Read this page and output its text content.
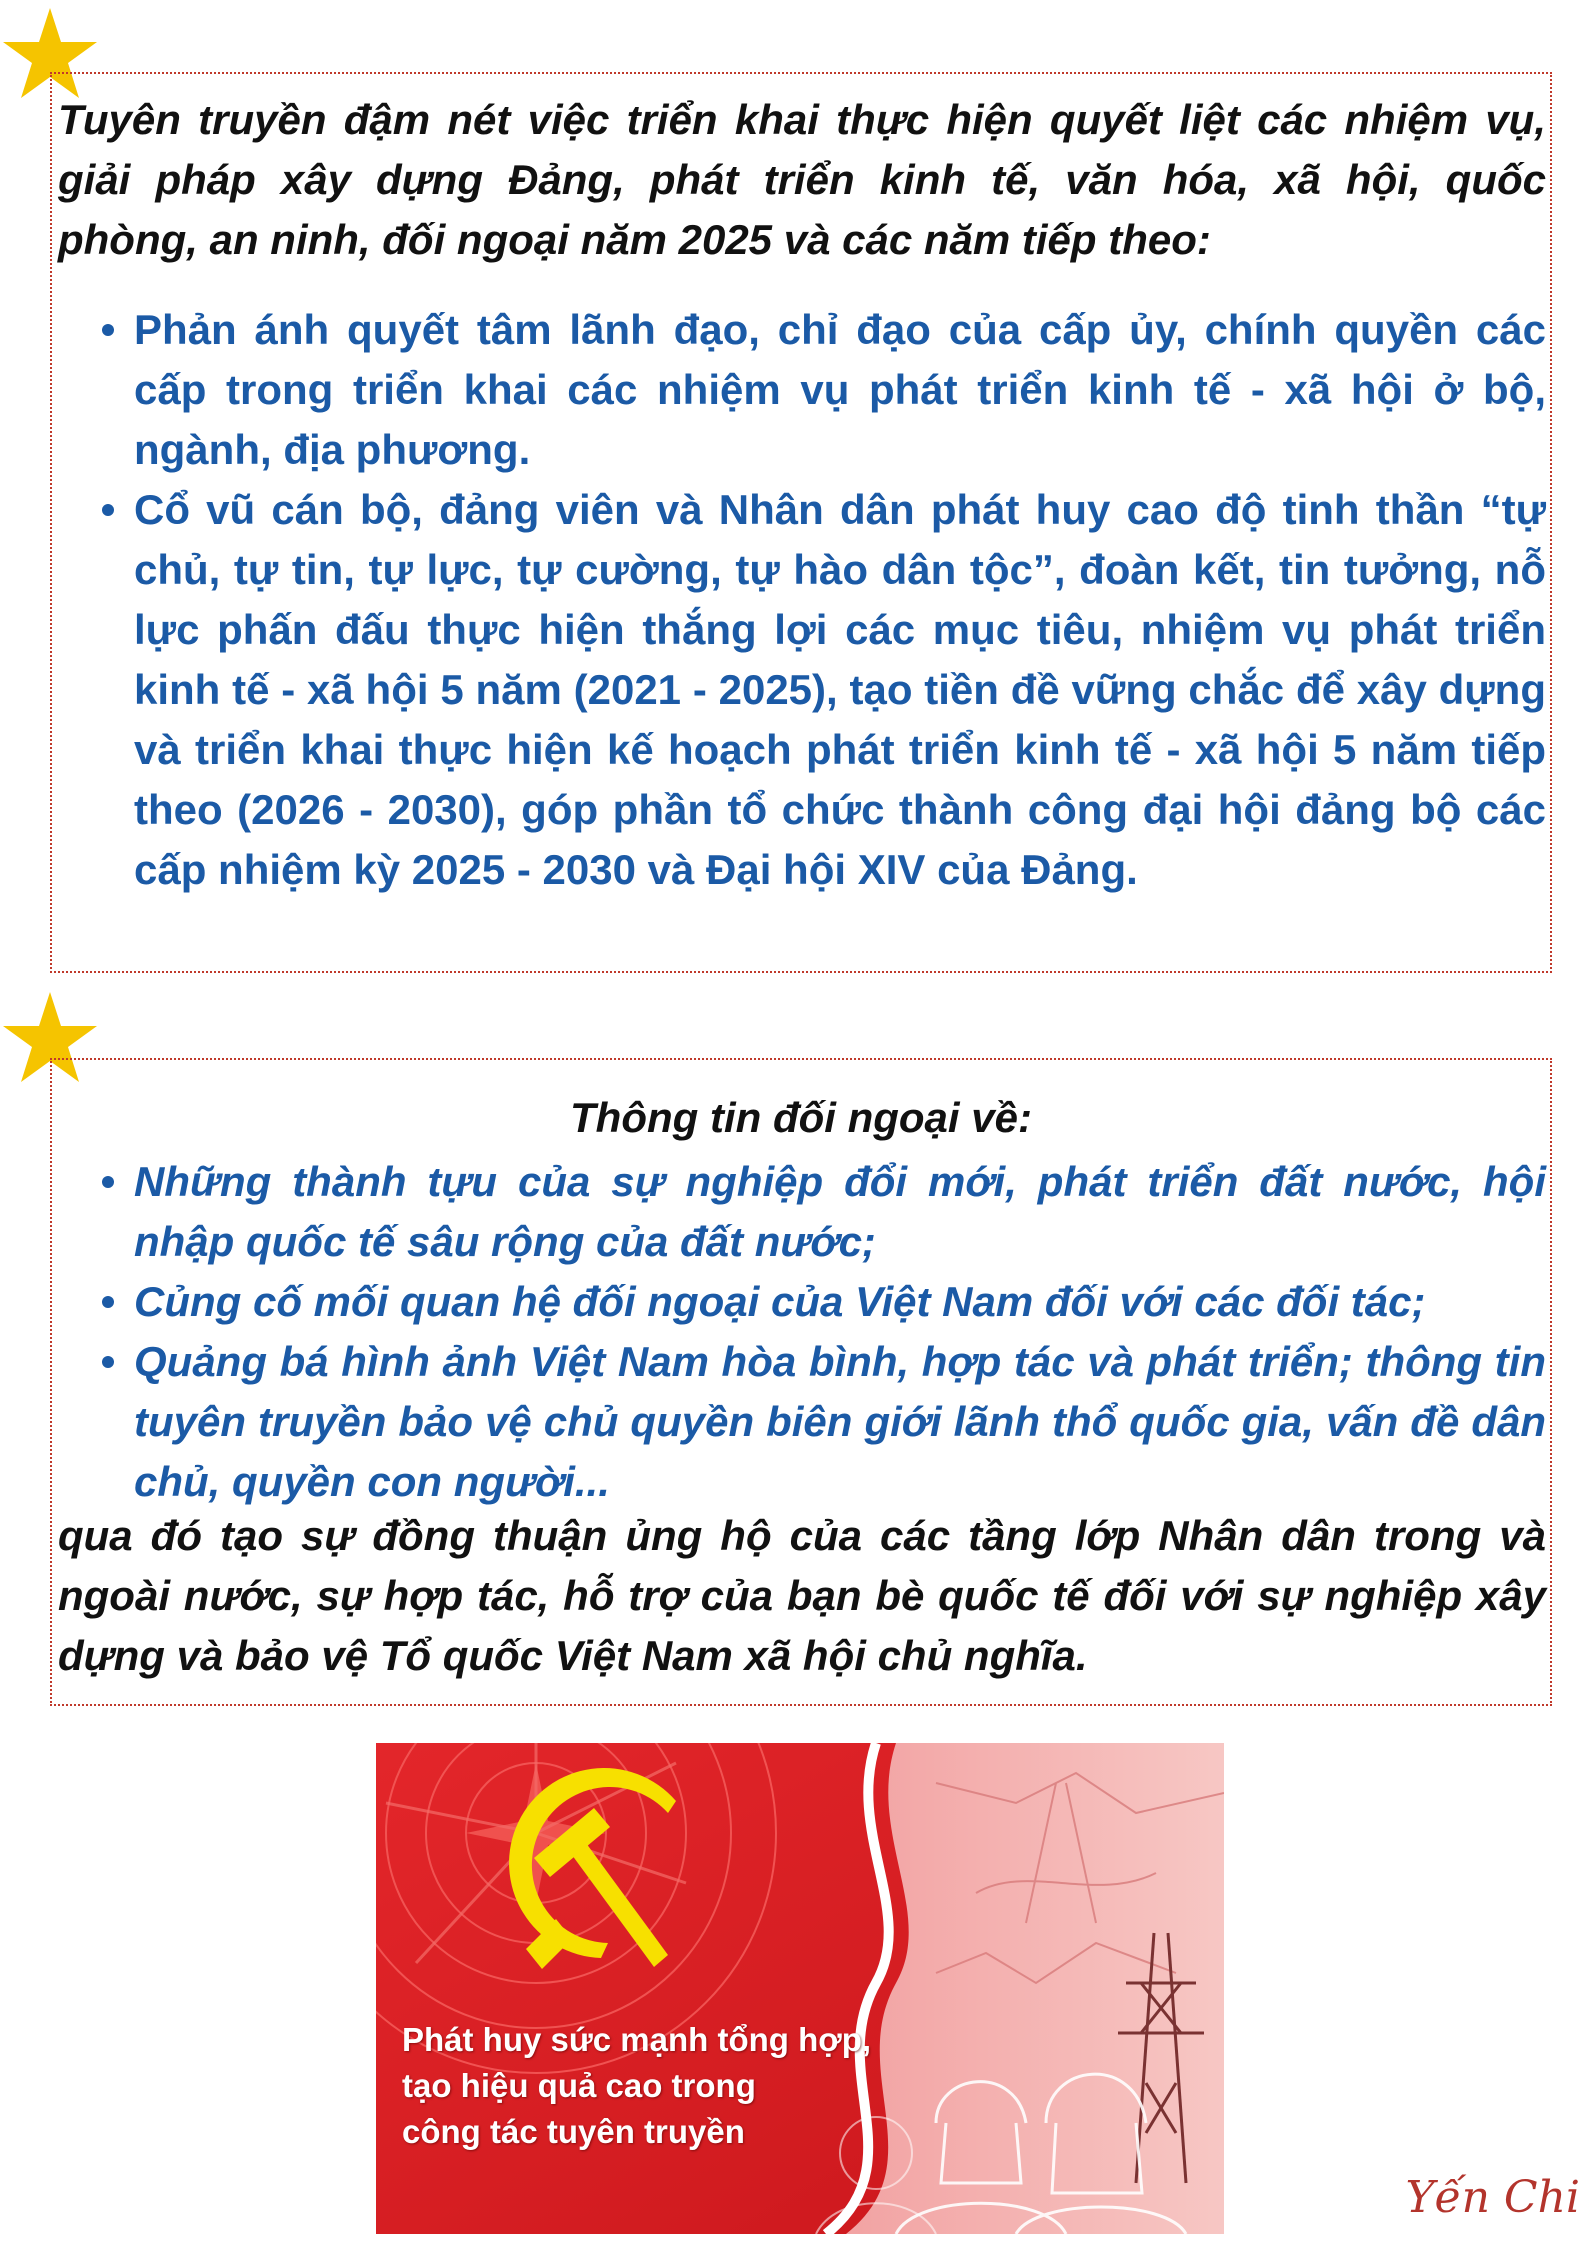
Tuyên truyền đậm nét việc triển khai thực hiện quyết liệt các nhiệm vụ,
giải pháp xây dựng Đảng, phát triển kinh tế, văn hóa, xã hội, quốc
phòng, an ninh, đối ngoại năm 2025 và các năm tiếp theo:
Phản ánh quyết tâm lãnh đạo, chỉ đạo của cấp ủy, chính quyền các cấp trong triển khai các nhiệm vụ phát triển kinh tế - xã hội ở bộ, ngành, địa phương.
Cổ vũ cán bộ, đảng viên và Nhân dân phát huy cao độ tinh thần “tự chủ, tự tin, tự lực, tự cường, tự hào dân tộc”, đoàn kết, tin tưởng, nỗ lực phấn đấu thực hiện thắng lợi các mục tiêu, nhiệm vụ phát triển kinh tế - xã hội 5 năm (2021 - 2025), tạo tiền đề vững chắc để xây dựng và triển khai thực hiện kế hoạch phát triển kinh tế - xã hội 5 năm tiếp theo (2026 - 2030), góp phần tổ chức thành công đại hội đảng bộ các cấp nhiệm kỳ 2025 - 2030 và Đại hội XIV của Đảng.
Thông tin đối ngoại về:
Những thành tựu của sự nghiệp đổi mới, phát triển đất nước, hội nhập quốc tế sâu rộng của đất nước;
Củng cố mối quan hệ đối ngoại của Việt Nam đối với các đối tác;
Quảng bá hình ảnh Việt Nam hòa bình, hợp tác và phát triển; thông tin tuyên truyền bảo vệ chủ quyền biên giới lãnh thổ quốc gia, vấn đề dân chủ, quyền con người...
qua đó tạo sự đồng thuận ủng hộ của các tầng lớp Nhân dân trong và ngoài nước, sự hợp tác, hỗ trợ của bạn bè quốc tế đối với sự nghiệp xây dựng và bảo vệ Tổ quốc Việt Nam xã hội chủ nghĩa.
Phát huy sức mạnh tổng hợp,
tạo hiệu quả cao trong
công tác tuyên truyền
Yến Chi
